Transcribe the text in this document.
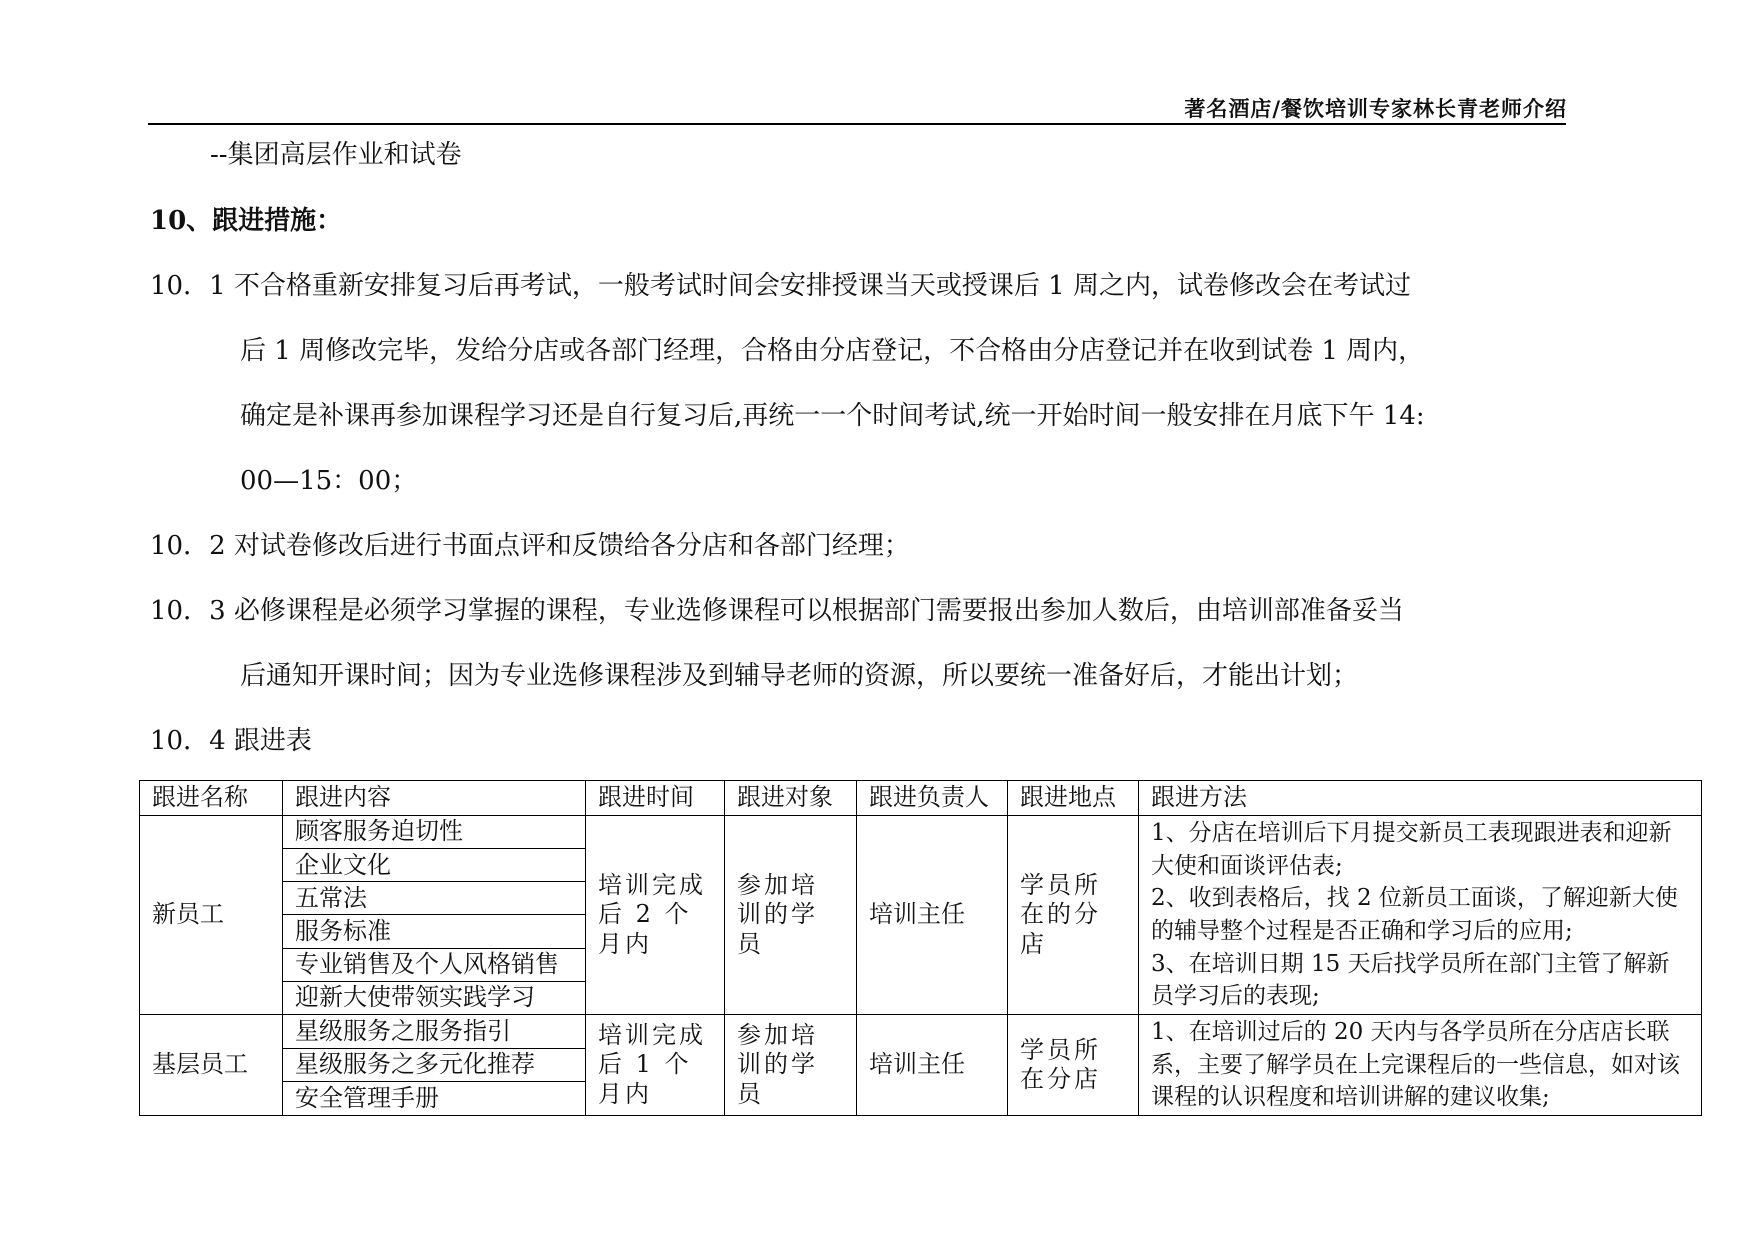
著名酒店/餐饮培训专家林长青老师介绍
--集团高层作业和试卷
10、跟进措施：
10．1 不合格重新安排复习后再考试，一般考试时间会安排授课当天或授课后 1 周之内，试卷修改会在考试过
后 1 周修改完毕，发给分店或各部门经理，合格由分店登记，不合格由分店登记并在收到试卷 1 周内，
确定是补课再参加课程学习还是自行复习后,再统一一个时间考试,统一开始时间一般安排在月底下午 14:
00—15：00；
10．2 对试卷修改后进行书面点评和反馈给各分店和各部门经理；
10．3 必修课程是必须学习掌握的课程，专业选修课程可以根据部门需要报出参加人数后，由培训部准备妥当
后通知开课时间；因为专业选修课程涉及到辅导老师的资源，所以要统一准备好后，才能出计划；
10．4 跟进表
跟进名称	跟进内容	跟进时间	跟进对象	跟进负责人	跟进地点	跟进方法
新员工	顾客服务迫切性	培训完成后 2 个月内	参加培训的学员	培训主任	学员所在的分店	1、分店在培训后下月提交新员工表现跟进表和迎新大使和面谈评估表;
2、收到表格后，找 2 位新员工面谈，了解迎新大使的辅导整个过程是否正确和学习后的应用;
3、在培训日期 15 天后找学员所在部门主管了解新员学习后的表现;

	企业文化					
	五常法					
	服务标准					
	专业销售及个人风格销售					
	迎新大使带领实践学习					
基层员工	星级服务之服务指引	培训完成后 1 个月内	参加培训的学员	培训主任	学员所在分店	1、在培训过后的 20 天内与各学员所在分店店长联系，主要了解学员在上完课程后的一些信息，如对该课程的认识程度和培训讲解的建议收集;

	星级服务之多元化推荐					
	安全管理手册					
